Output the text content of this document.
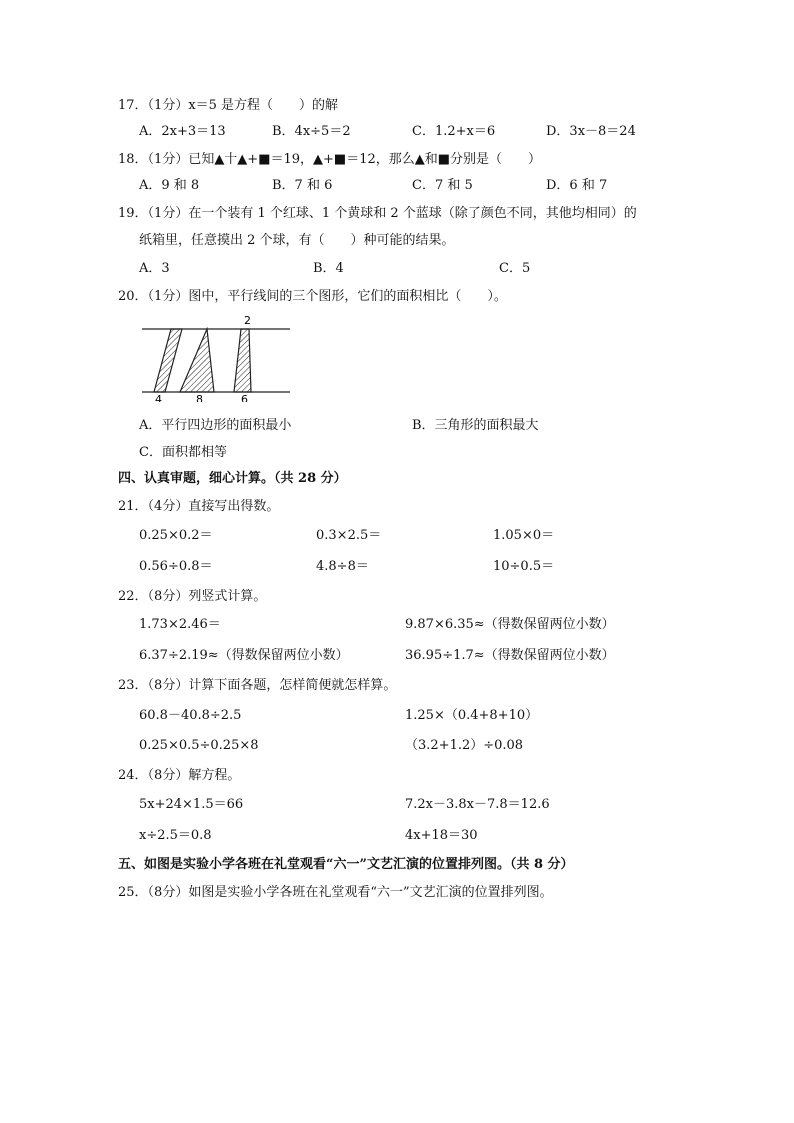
17．（1分）x＝5 是方程（　　）的解
A．2x+3＝13	B．4x÷5＝2	C．1.2+x＝6	D．3x－8＝24
18．（1分）已知▲十▲+■＝19，▲+■＝12，那么▲和■分别是（　　）
A．9 和 8	B．7 和 6	C．7 和 5	D．6 和 7
19．（1分）在一个装有 1 个红球、1 个黄球和 2 个蓝球（除了颜色不同，其他均相同）的
纸箱里，任意摸出 2 个球，有（　　）种可能的结果。
A．3	B．4	C．5
20．（1分）图中，平行线间的三个图形，它们的面积相比（　　）。
4	8	6
2
A．平行四边形的面积最小	B．三角形的面积最大
C．面积都相等
四、认真审题，细心计算。（共 28 分）
21．（4分）直接写出得数。
0.25×0.2＝	0.3×2.5＝	1.05×0＝
0.56÷0.8＝	4.8÷8＝	10÷0.5＝
22．（8分）列竖式计算。
1.73×2.46＝	9.87×6.35≈（得数保留两位小数）
6.37÷2.19≈（得数保留两位小数）	36.95÷1.7≈（得数保留两位小数）
23．（8分）计算下面各题，怎样简便就怎样算。
60.8－40.8÷2.5	1.25×（0.4+8+10）
0.25×0.5÷0.25×8	（3.2+1.2）÷0.08
24．（8分）解方程。
5x+24×1.5＝66	7.2x－3.8x－7.8＝12.6
x÷2.5＝0.8	4x+18＝30
五、如图是实验小学各班在礼堂观看“六一”文艺汇演的位置排列图。（共 8 分）
25．（8分）如图是实验小学各班在礼堂观看“六一”文艺汇演的位置排列图。
